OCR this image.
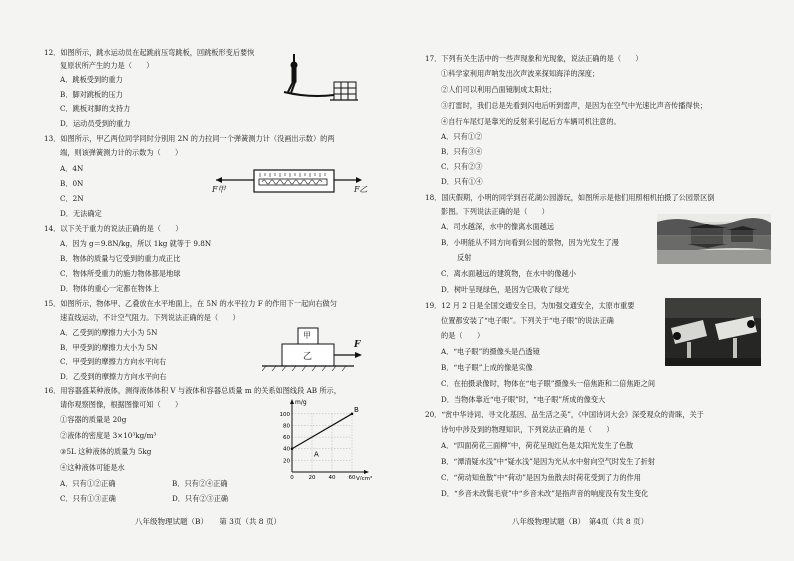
12．如图所示，跳水运动员在起跳前压弯跳板，回跳板形变后要恢
复原状所产生的力是（　　）
A．跳板受到的重力
B．脚对跳板的压力
C．跳板对脚的支持力
D．运动员受到的重力
13．如图所示，甲乙两位同学同时分别用 2N 的力拉同一个弹簧测力计（没画出示数）的两
端，则该弹簧测力计的示数为（　　）
A．4N
B．0N
C．2N
D．无法确定
F甲	F乙
14．以下关于重力的说法正确的是（　　）
A．因为 g＝9.8N/kg，所以 1kg 就等于 9.8N
B．物体的质量与它受到的重力成正比
C．物体所受重力的施力物体都是地球
D．物体的重心一定都在物体上
15．如图所示，物体甲、乙叠放在水平地面上，在 5N 的水平拉力 F 的作用下一起向右做匀
速直线运动，不计空气阻力。下列说法正确的是（　　）
A．乙受到的摩擦力大小为 5N
B．甲受到的摩擦力大小为 5N
C．甲受到的摩擦力方向水平向右
D．乙受到的摩擦力方向水平向右
甲
乙
F
16．用容器盛某种液体，测得液体体积 V 与液体和容器总质量 m 的关系如图线段 AB 所示，
请你观察图像，根据图像可知（　　）
①容器的质量是 20g
②液体的密度是 3×10³kg/m³
③5L 这种液体的质量为 5kg
④这种液体可能是水
A．只有①②正确	B．只有②④正确
C．只有①③正确	D．只有②③正确
100
80
60
40
20
0	20 40 60
m/g
V/cm³
A
B
八年级物理试题（B）　　第 3页（共 8 页）
17．下列有关生活中的一些声现象和光现象，说法正确的是（　　）
①科学家利用声呐发出次声波来探知海洋的深度；
②人们可以利用凸面镜制成太阳灶；
③打雷时，我们总是先看到闪电后听到雷声，是因为在空气中光速比声音传播得快；
④自行车尾灯是靠光的反射来引起后方车辆司机注意的。
A．只有①②
B．只有③④
C．只有②③
D．只有①④
18．国庆假期，小明的同学到百花湖公园游玩，如图所示是他们用照相机拍摄了公园景区倒
影图。下列说法正确的是（　　）
A．司水越深，水中的像离水面越远
B．小明能从不同方向看到公园的景物，因为光发生了漫
反射
C．离水面越远的建筑物，在水中的像越小
D．树叶呈现绿色，是因为它吸收了绿光
19．12 月 2 日是全国交通安全日，为加强交通安全，太原市重要
位置都安装了“电子眼”。下列关于“电子眼”的说法正确
的是（　　）
A．“电子眼”的摄像头是凸透镜
B．“电子眼”上成的像是实像
C．在拍摄录像时，物体在“电子眼”摄像头一倍焦距和二倍焦距之间
D．当物体靠近“电子眼”时，“电子眼”所成的像变大
20．“赏中华诗词、寻文化基因、品生活之美”，《中国诗词大会》深受观众的青睐，关于
诗句中涉及到的物理知识，下列说法正确的是（　　）
A．“四面荷花三面柳”中，荷花呈现红色是太阳光发生了色散
B．“潭清疑水浅”中“疑水浅”是因为光从水中射向空气时发生了折射
C．“荷动知鱼散”中“荷动”是因为鱼散去时荷花受到了力的作用
D．“乡音未改鬓毛衰”中“乡音未改”是指声音的响度没有发生变化
八年级物理试题（B）　第4页（共 8 页）
